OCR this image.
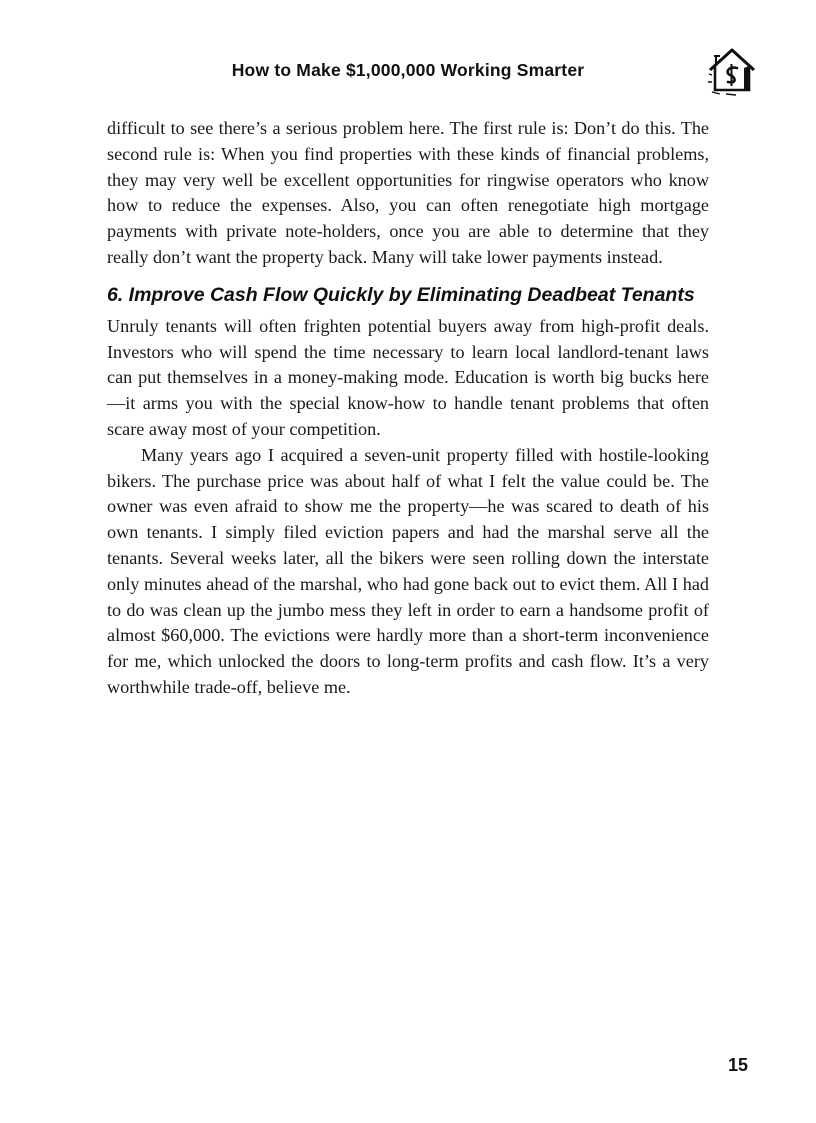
How to Make $1,000,000 Working Smarter

difficult to see there’s a serious problem here. The first rule is: Don’t do this. The second rule is: When you find properties with these kinds of financial problems, they may very well be excellent opportunities for ringwise operators who know how to reduce the expenses. Also, you can often renegotiate high mortgage payments with private note-holders, once you are able to determine that they really don’t want the property back. Many will take lower payments instead.

6. Improve Cash Flow Quickly by Eliminating Deadbeat Tenants

Unruly tenants will often frighten potential buyers away from high-profit deals. Investors who will spend the time necessary to learn local landlord-tenant laws can put themselves in a money-making mode. Education is worth big bucks here—it arms you with the special know-how to handle tenant problems that often scare away most of your competition.

Many years ago I acquired a seven-unit property filled with hostile-looking bikers. The purchase price was about half of what I felt the value could be. The owner was even afraid to show me the property—he was scared to death of his own tenants. I simply filed eviction papers and had the marshal serve all the tenants. Several weeks later, all the bikers were seen rolling down the interstate only minutes ahead of the marshal, who had gone back out to evict them. All I had to do was clean up the jumbo mess they left in order to earn a handsome profit of almost $60,000. The evictions were hardly more than a short-term inconvenience for me, which unlocked the doors to long-term profits and cash flow. It’s a very worthwhile trade-off, believe me.

15
